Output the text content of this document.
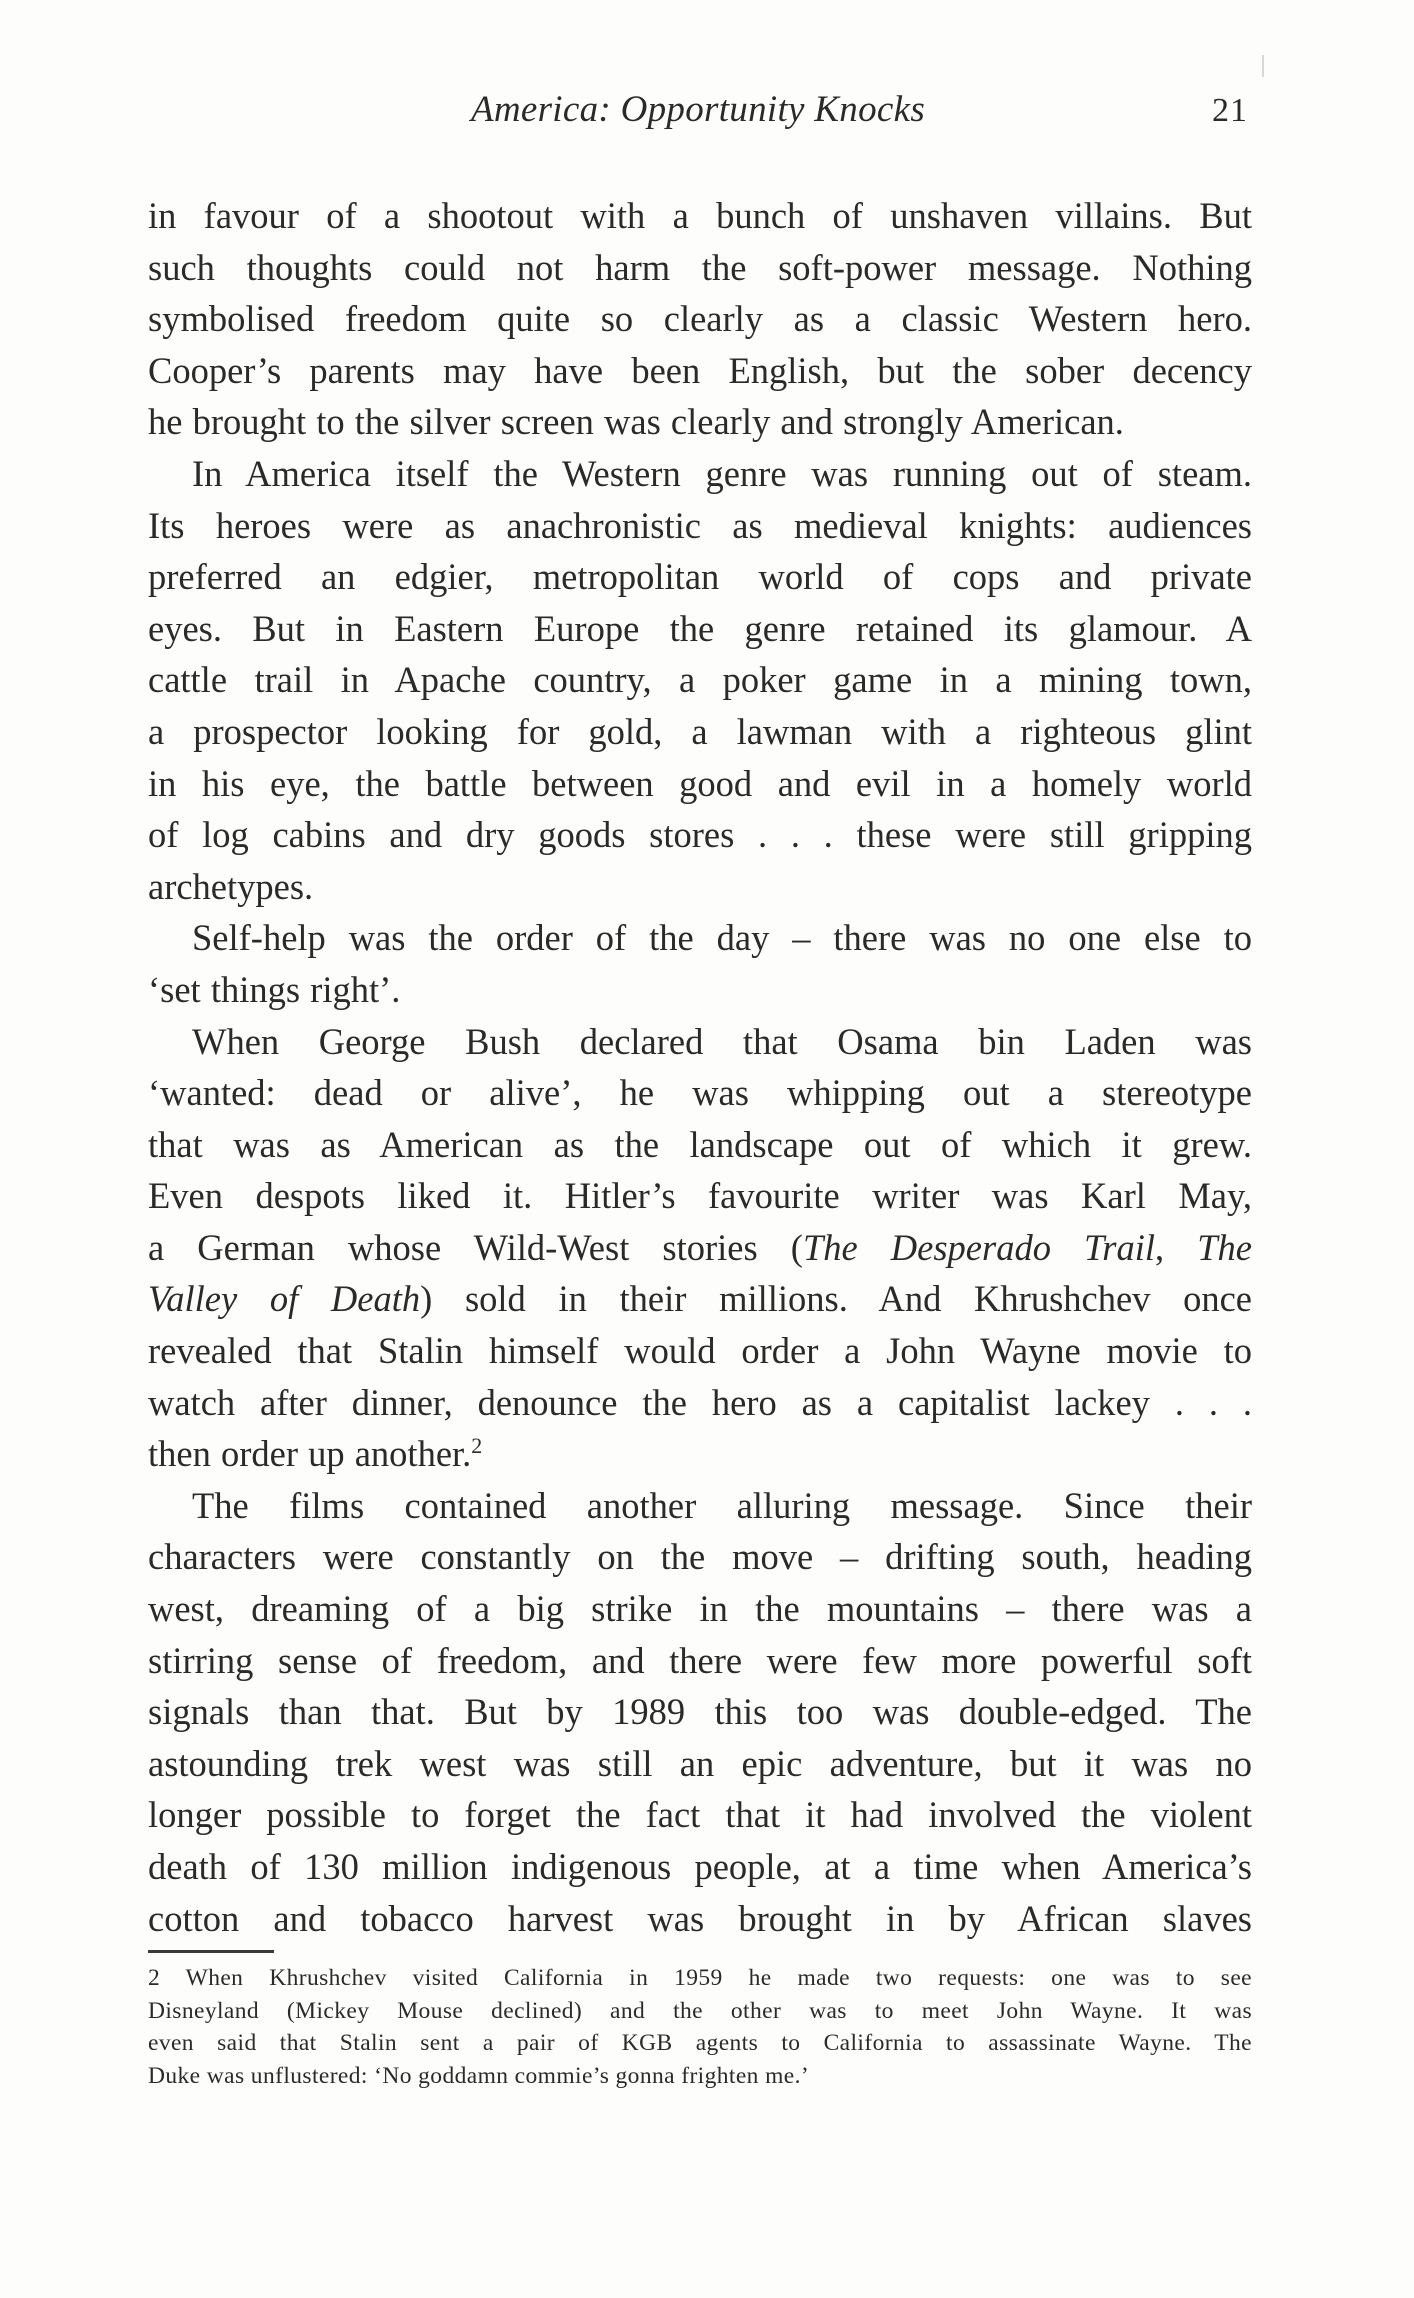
America: Opportunity Knocks	21
in favour of a shootout with a bunch of unshaven villains. But
such thoughts could not harm the soft-power message. Nothing
symbolised freedom quite so clearly as a classic Western hero.
Cooper’s parents may have been English, but the sober decency
he brought to the silver screen was clearly and strongly American.
In America itself the Western genre was running out of steam.
Its heroes were as anachronistic as medieval knights: audiences
preferred an edgier, metropolitan world of cops and private
eyes. But in Eastern Europe the genre retained its glamour. A
cattle trail in Apache country, a poker game in a mining town,
a prospector looking for gold, a lawman with a righteous glint
in his eye, the battle between good and evil in a homely world
of log cabins and dry goods stores . . . these were still gripping
archetypes.
Self-help was the order of the day – there was no one else to
‘set things right’.
When George Bush declared that Osama bin Laden was
‘wanted: dead or alive’, he was whipping out a stereotype
that was as American as the landscape out of which it grew.
Even despots liked it. Hitler’s favourite writer was Karl May,
a German whose Wild-West stories (The Desperado Trail, The
Valley of Death) sold in their millions. And Khrushchev once
revealed that Stalin himself would order a John Wayne movie to
watch after dinner, denounce the hero as a capitalist lackey . . .
then order up another.$^2$
The films contained another alluring message. Since their
characters were constantly on the move – drifting south, heading
west, dreaming of a big strike in the mountains – there was a
stirring sense of freedom, and there were few more powerful soft
signals than that. But by 1989 this too was double-edged. The
astounding trek west was still an epic adventure, but it was no
longer possible to forget the fact that it had involved the violent
death of 130 million indigenous people, at a time when America’s
cotton and tobacco harvest was brought in by African slaves
2 When Khrushchev visited California in 1959 he made two requests: one was to see
Disneyland (Mickey Mouse declined) and the other was to meet John Wayne. It was
even said that Stalin sent a pair of KGB agents to California to assassinate Wayne. The
Duke was unflustered: ‘No goddamn commie’s gonna frighten me.’
